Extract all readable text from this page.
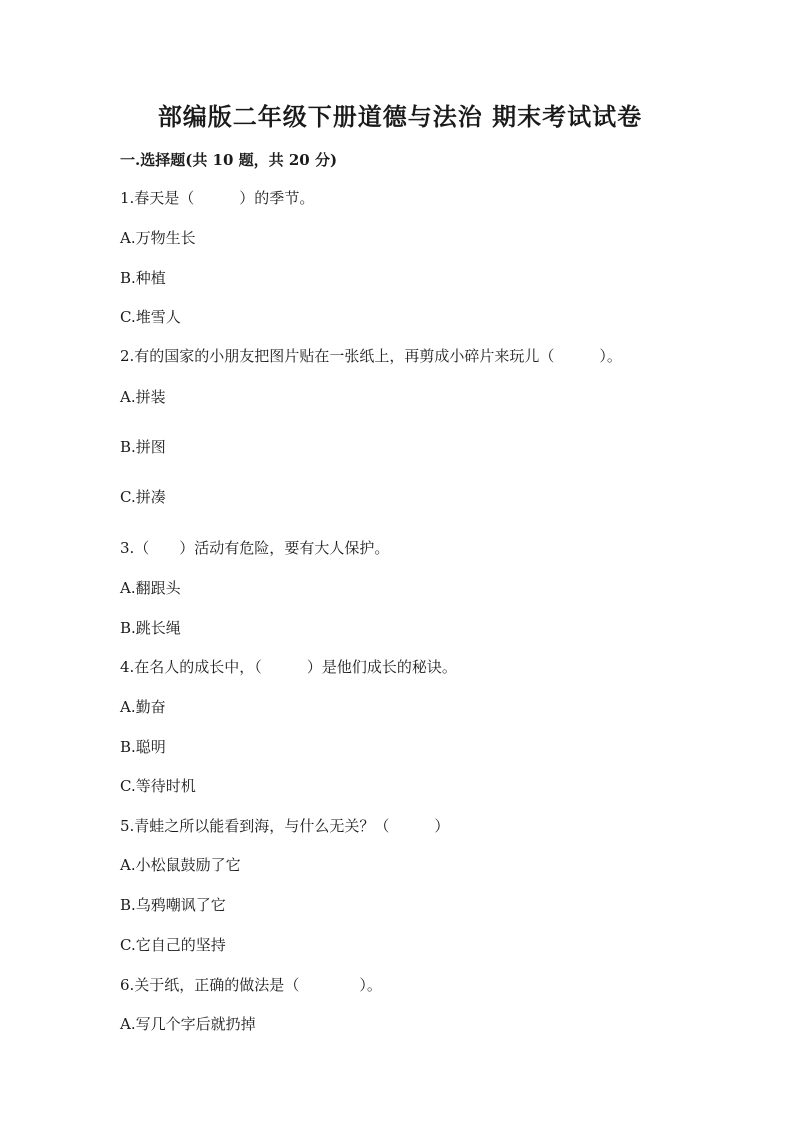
部编版二年级下册道德与法治 期末考试试卷
一.选择题(共 10 题，共 20 分)
1.春天是（　　　）的季节。
A.万物生长
B.种植
C.堆雪人
2.有的国家的小朋友把图片贴在一张纸上，再剪成小碎片来玩儿（　　　）。
A.拼装
B.拼图
C.拼凑
3.（　　）活动有危险，要有大人保护。
A.翻跟头
B.跳长绳
4.在名人的成长中，（　　　）是他们成长的秘诀。
A.勤奋
B.聪明
C.等待时机
5.青蛙之所以能看到海，与什么无关？（　　　）
A.小松鼠鼓励了它
B.乌鸦嘲讽了它
C.它自己的坚持
6.关于纸，正确的做法是（　　　　）。
A.写几个字后就扔掉
